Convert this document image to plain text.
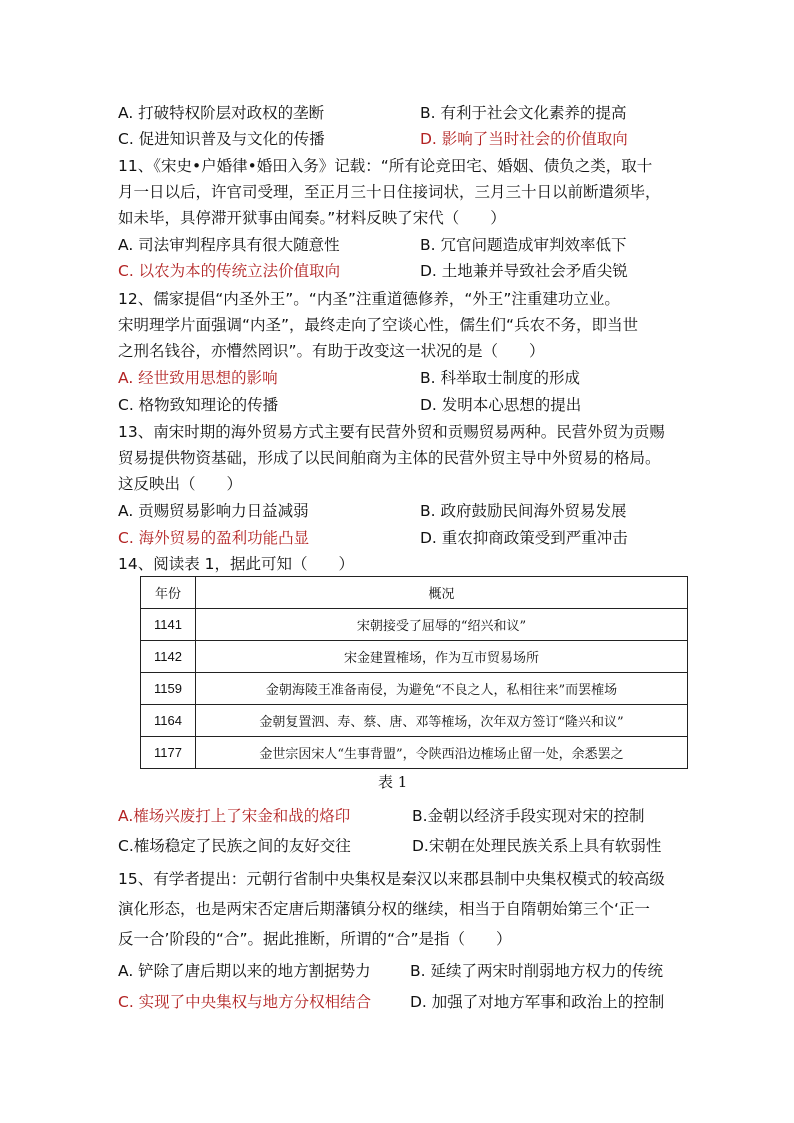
A. 打破特权阶层对政权的垄断	B. 有利于社会文化素养的提高
C. 促进知识普及与文化的传播	D. 影响了当时社会的价值取向
11、《宋史•户婚律•婚田入务》记载：“所有论竞田宅、婚姻、债负之类，取十
月一日以后，许官司受理，至正月三十日住接词状，三月三十日以前断遣须毕，
如未毕，具停滞开狱事由闻奏。”材料反映了宋代（　　）
A. 司法审判程序具有很大随意性	B. 冗官问题造成审判效率低下
C. 以农为本的传统立法价值取向	D. 土地兼并导致社会矛盾尖锐
12、儒家提倡“内圣外王”。“内圣”注重道德修养，“外王”注重建功立业。
宋明理学片面强调“内圣”，最终走向了空谈心性，儒生们“兵农不务，即当世
之刑名钱谷，亦懵然罔识”。有助于改变这一状况的是（　　）
A. 经世致用思想的影响	B. 科举取士制度的形成
C. 格物致知理论的传播	D. 发明本心思想的提出
13、南宋时期的海外贸易方式主要有民营外贸和贡赐贸易两种。民营外贸为贡赐
贸易提供物资基础，形成了以民间舶商为主体的民营外贸主导中外贸易的格局。
这反映出（　　）
A. 贡赐贸易影响力日益减弱	B. 政府鼓励民间海外贸易发展
C. 海外贸易的盈利功能凸显	D. 重农抑商政策受到严重冲击
14、阅读表 1，据此可知（　　）
年份	概况
1141	宋朝接受了屈辱的“绍兴和议”
1142	宋金建置榷场，作为互市贸易场所
1159	金朝海陵王准备南侵，为避免“不良之人，私相往来”而罢榷场
1164	金朝复置泗、寿、蔡、唐、邓等榷场，次年双方签订“隆兴和议”
1177	金世宗因宋人“生事背盟”，令陕西沿边榷场止留一处，余悉罢之
表 1
A.榷场兴废打上了宋金和战的烙印	B.金朝以经济手段实现对宋的控制
C.榷场稳定了民族之间的友好交往	D.宋朝在处理民族关系上具有软弱性
15、有学者提出：元朝行省制中央集权是秦汉以来郡县制中央集权模式的较高级
演化形态，也是两宋否定唐后期藩镇分权的继续，相当于自隋朝始第三个‘正一
反一合’阶段的“合”。据此推断，所谓的“合”是指（　　）
A. 铲除了唐后期以来的地方割据势力	B. 延续了两宋时削弱地方权力的传统
C. 实现了中央集权与地方分权相结合	D. 加强了对地方军事和政治上的控制
